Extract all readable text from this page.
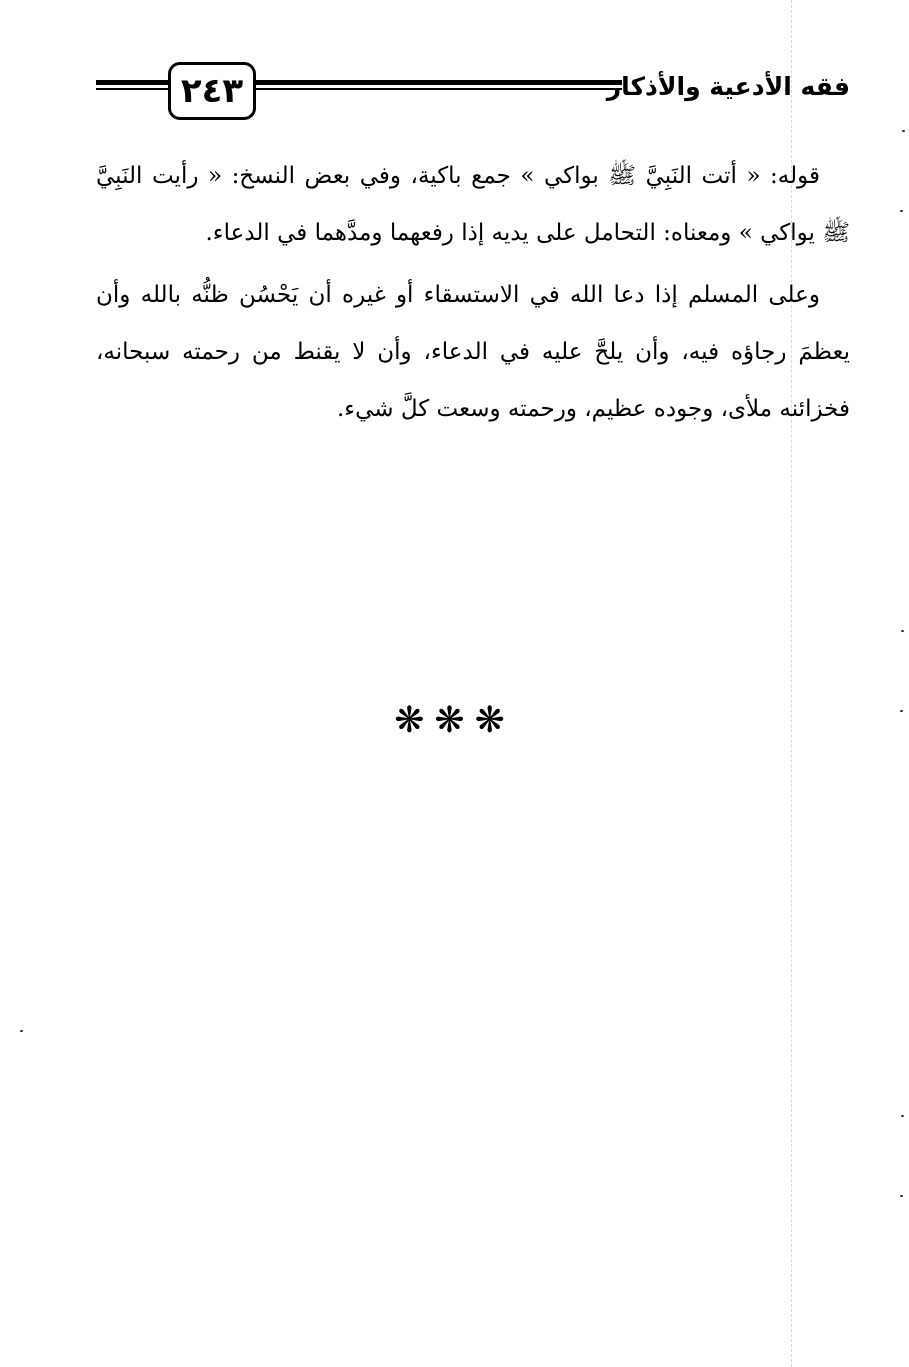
٢٤٣	فقه الأدعية والأذكار

قوله: « أتت النَبِيَّ ﷺ بواكي » جمع باكية، وفي بعض النسخ: « رأيت النَبِيَّ ﷺ يواكي » ومعناه: التحامل على يديه إذا رفعهما ومدَّهما في الدعاء.

وعلى المسلم إذا دعا الله في الاستسقاء أو غيره أن يَحْسُن ظنُّه بالله وأن يعظمَ رجاؤه فيه، وأن يلحَّ عليه في الدعاء، وأن لا يقنط من رحمته سبحانه، فخزائنه ملأى، وجوده عظيم، ورحمته وسعت كلَّ شيء.

❋❋❋
